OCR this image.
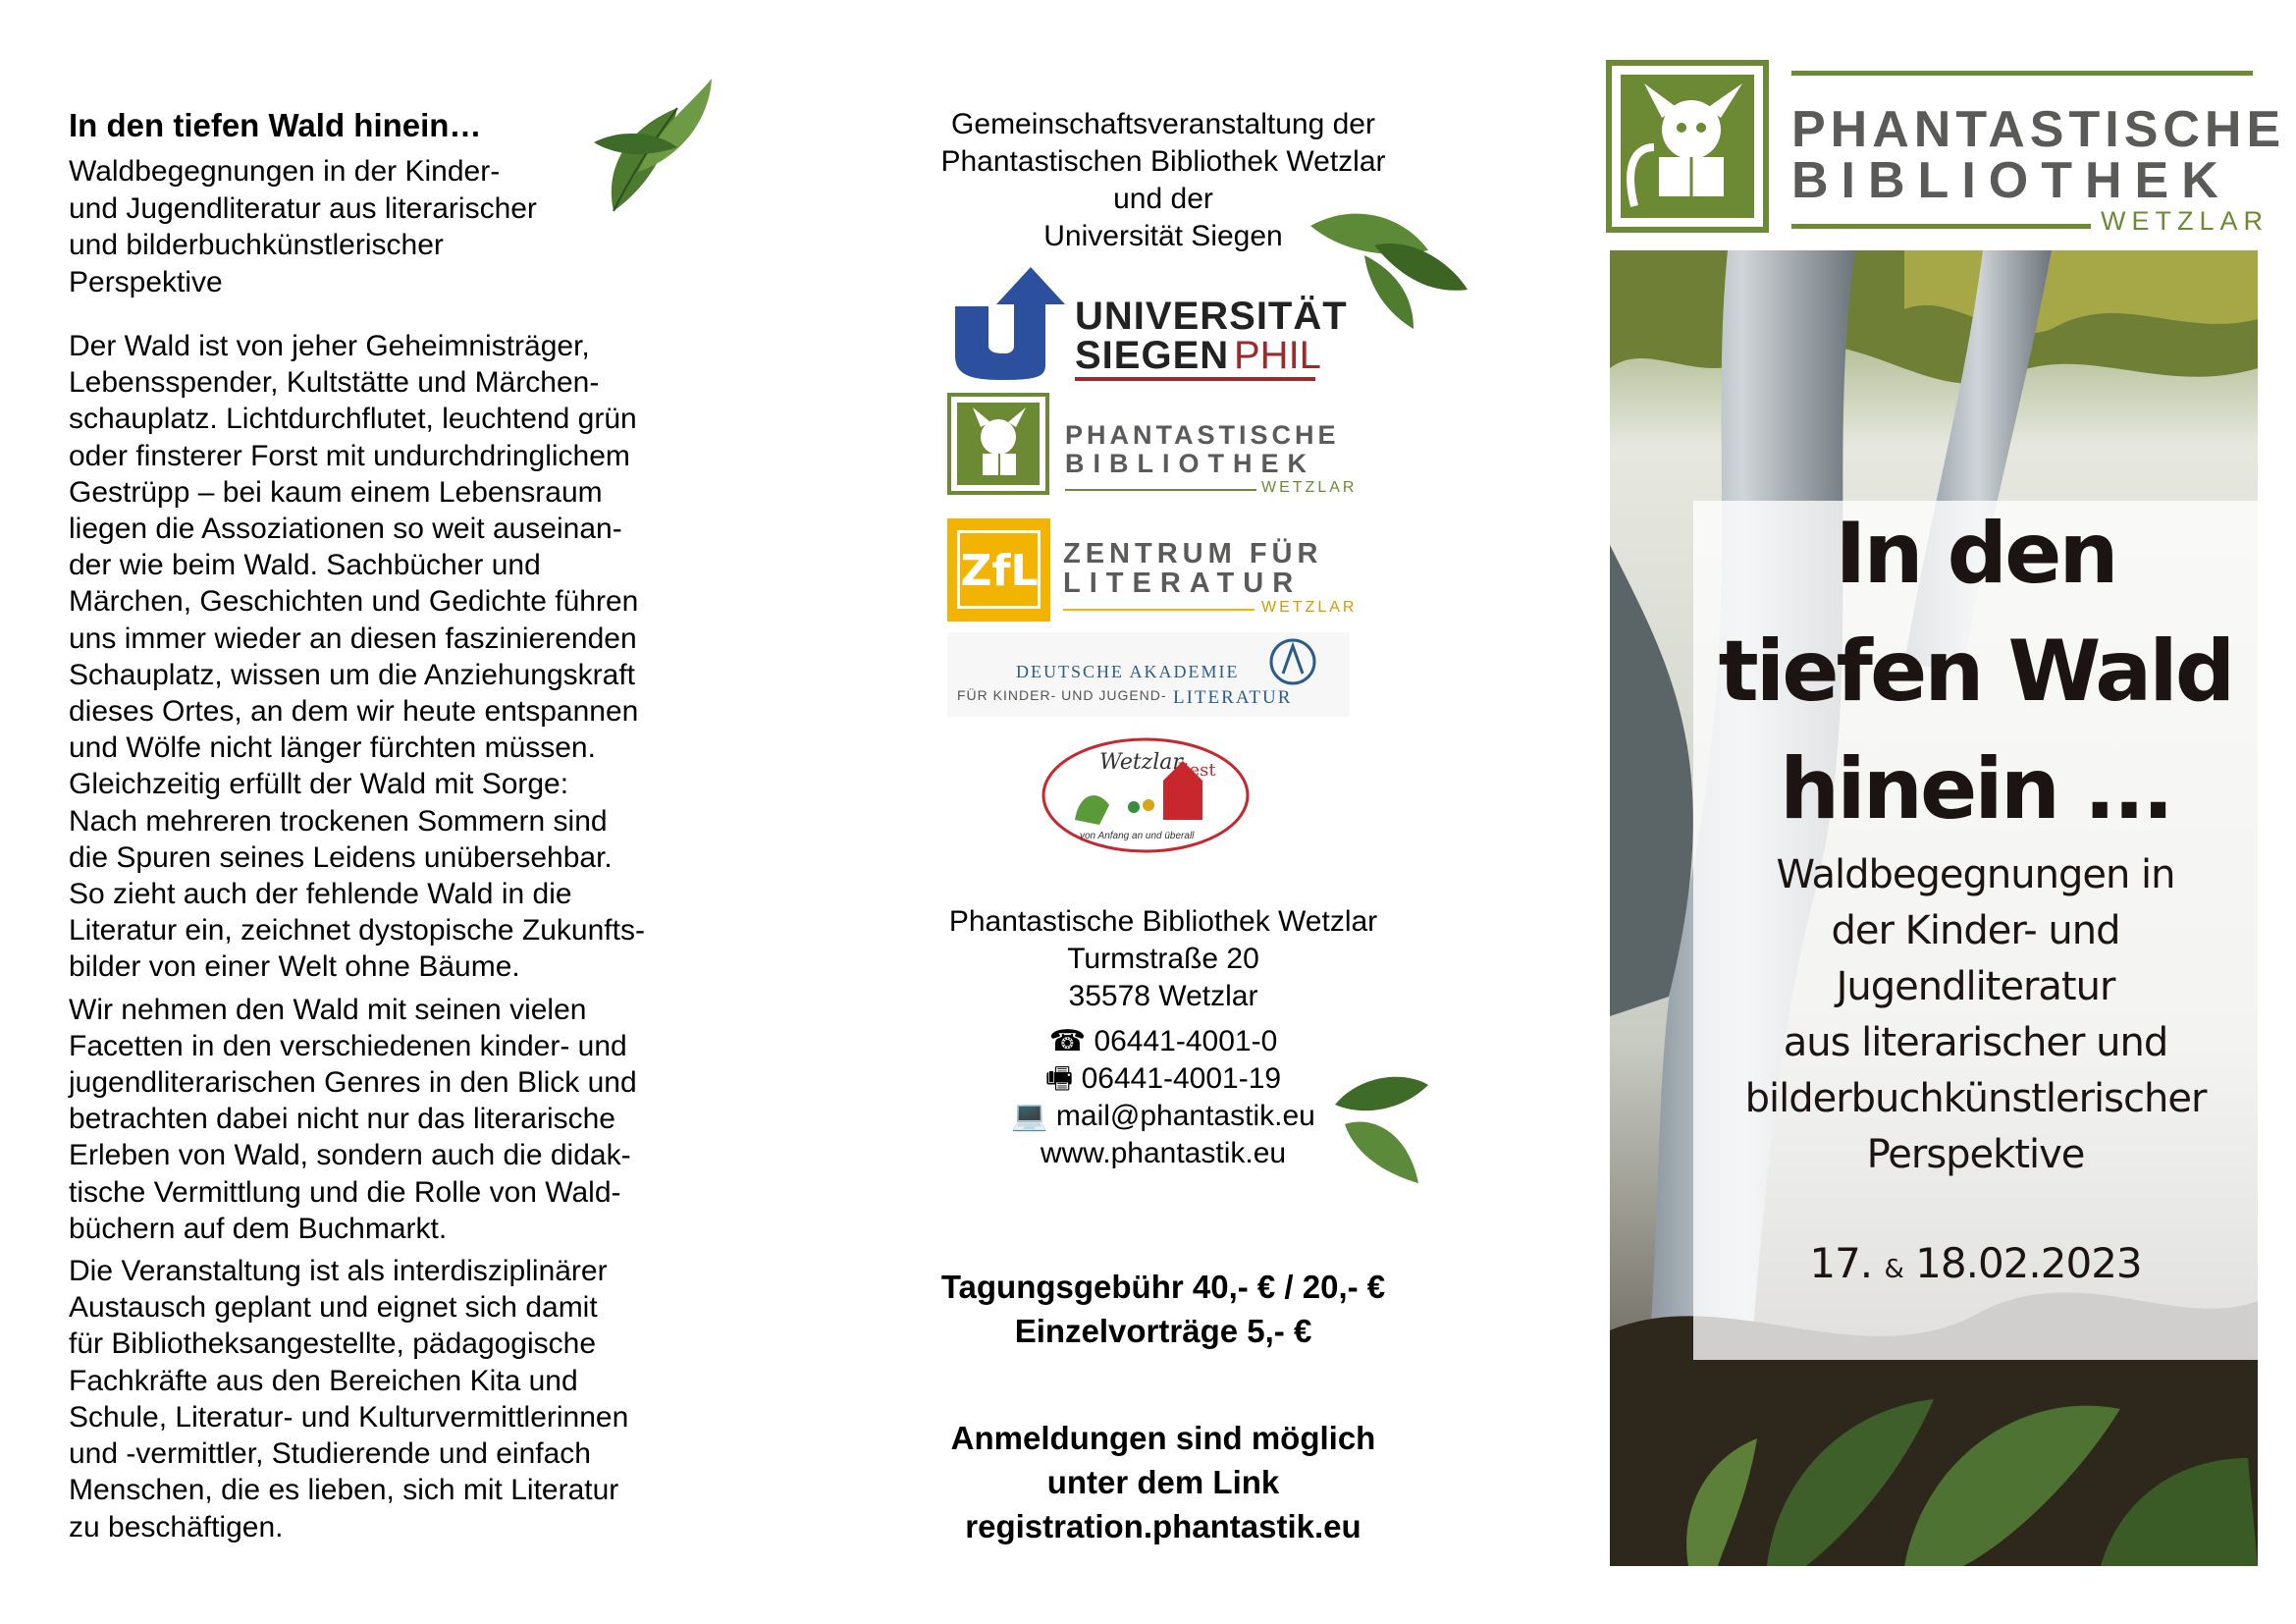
In den tiefen Wald hinein…

Waldbegegnungen in der Kinder-
und Jugendliteratur aus literarischer
und bilderbuchkünstlerischer
Perspektive

Der Wald ist von jeher Geheimnisträger,
Lebensspender, Kultstätte und Märchen-
schauplatz. Lichtdurchflutet, leuchtend grün
oder finsterer Forst mit undurchdringlichem
Gestrüpp – bei kaum einem Lebensraum
liegen die Assoziationen so weit auseinan-
der wie beim Wald. Sachbücher und
Märchen, Geschichten und Gedichte führen
uns immer wieder an diesen faszinierenden
Schauplatz, wissen um die Anziehungskraft
dieses Ortes, an dem wir heute entspannen
und Wölfe nicht länger fürchten müssen.
Gleichzeitig erfüllt der Wald mit Sorge:
Nach mehreren trockenen Sommern sind
die Spuren seines Leidens unübersehbar.
So zieht auch der fehlende Wald in die
Literatur ein, zeichnet dystopische Zukunfts-
bilder von einer Welt ohne Bäume.

Wir nehmen den Wald mit seinen vielen
Facetten in den verschiedenen kinder- und
jugendliterarischen Genres in den Blick und
betrachten dabei nicht nur das literarische
Erleben von Wald, sondern auch die didak-
tische Vermittlung und die Rolle von Wald-
büchern auf dem Buchmarkt.

Die Veranstaltung ist als interdisziplinärer
Austausch geplant und eignet sich damit
für Bibliotheksangestellte, pädagogische
Fachkräfte aus den Bereichen Kita und
Schule, Literatur- und Kulturvermittlerinnen
und -vermittler, Studierende und einfach
Menschen, die es lieben, sich mit Literatur
zu beschäftigen.

Gemeinschaftsveranstaltung der
Phantastischen Bibliothek Wetzlar
und der
Universität Siegen

UNIVERSITÄT
SIEGEN PHIL
PHANTASTISCHE
BIBLIOTHEK
WETZLAR
ZfL ZENTRUM FÜR
LITERATUR
WETZLAR
DEUTSCHE AKADEMIE
FÜR KINDER- UND JUGEND- LITERATUR
Wetzlar
liest
von Anfang an und überall

Phantastische Bibliothek Wetzlar
Turmstraße 20
35578 Wetzlar

☎ 06441-4001-0
🖷 06441-4001-19
💻 mail@phantastik.eu
www.phantastik.eu

Tagungsgebühr 40,- € / 20,- €
Einzelvorträge 5,- €

Anmeldungen sind möglich
unter dem Link
registration.phantastik.eu

PHANTASTISCHE
BIBLIOTHEK
WETZLAR
In den
tiefen Wald
hinein ...
Waldbegegnungen in
der Kinder- und
Jugendliteratur
aus literarischer und
bilderbuchkünstlerischer
Perspektive
17. & 18.02.2023
